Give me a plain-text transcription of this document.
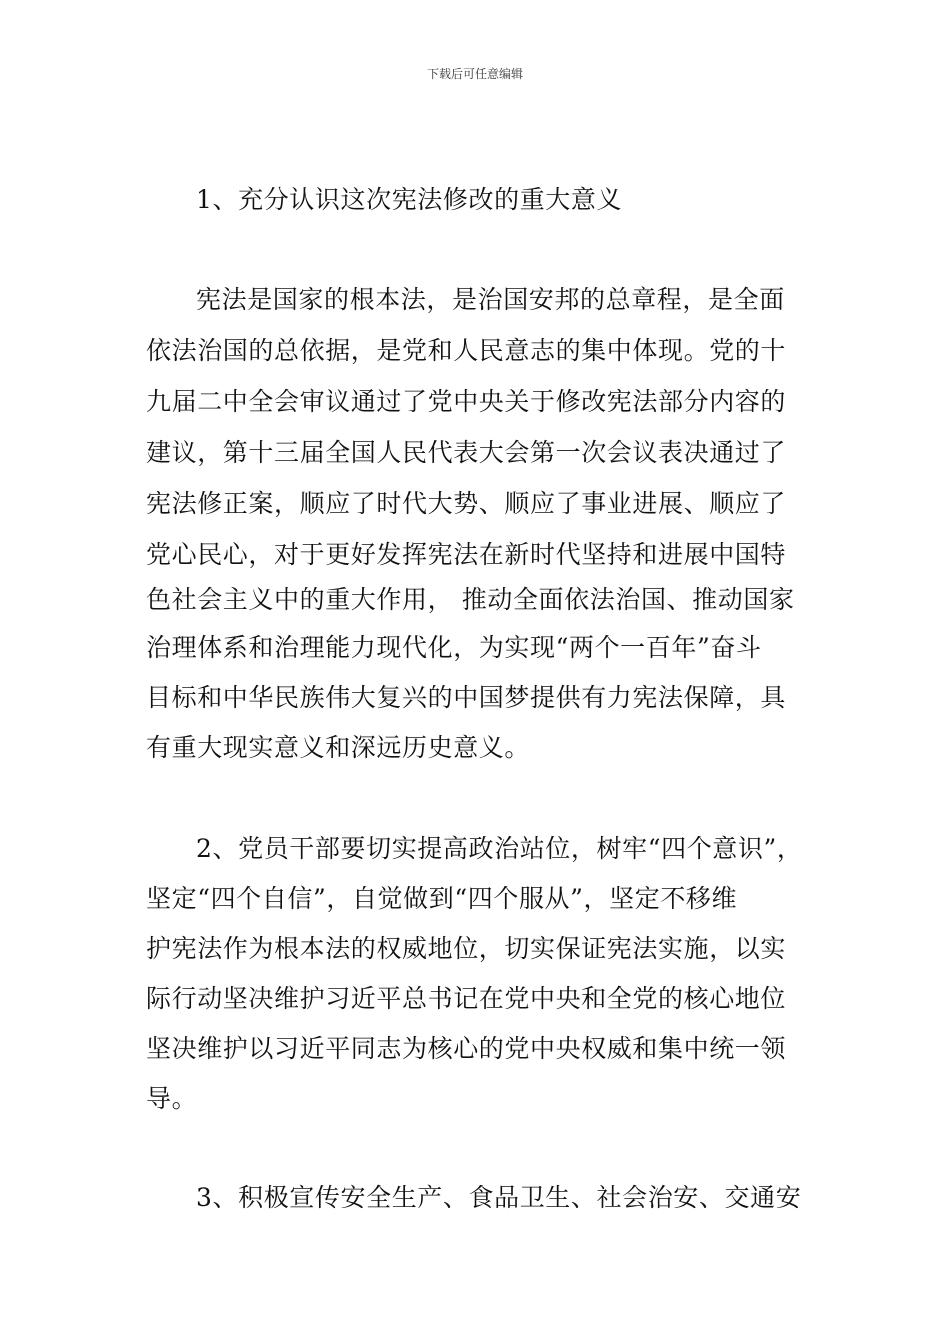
下载后可任意编辑
1、充分认识这次宪法修改的重大意义
宪法是国家的根本法，是治国安邦的总章程，是全面
依法治国的总依据，是党和人民意志的集中体现。党的十
九届二中全会审议通过了党中央关于修改宪法部分内容的
建议，第十三届全国人民代表大会第一次会议表决通过了
宪法修正案，顺应了时代大势、顺应了事业进展、顺应了
党心民心，对于更好发挥宪法在新时代坚持和进展中国特
色社会主义中的重大作用， 推动全面依法治国、推动国家
治理体系和治理能力现代化，为实现“两个一百年”奋斗
目标和中华民族伟大复兴的中国梦提供有力宪法保障，具
有重大现实意义和深远历史意义。
2、党员干部要切实提高政治站位，树牢“四个意识”，
坚定“四个自信”，自觉做到“四个服从”，坚定不移维
护宪法作为根本法的权威地位，切实保证宪法实施，以实
际行动坚决维护习近平总书记在党中央和全党的核心地位
坚决维护以习近平同志为核心的党中央权威和集中统一领
导。
3、积极宣传安全生产、食品卫生、社会治安、交通安
